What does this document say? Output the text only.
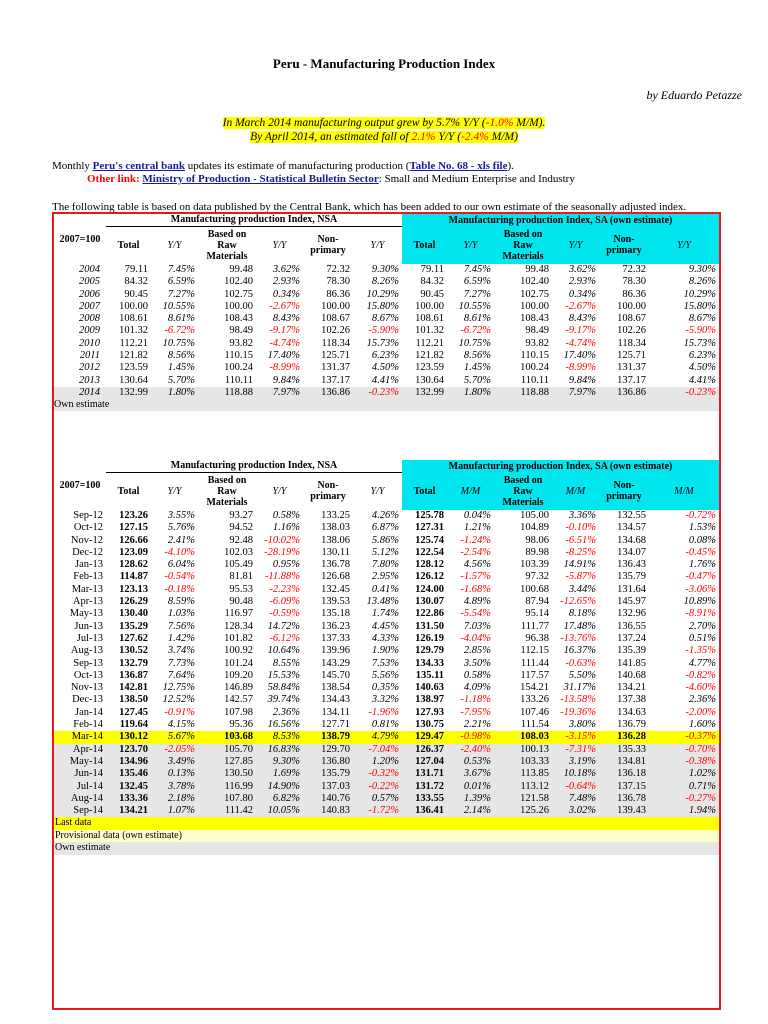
Peru - Manufacturing Production Index
by Eduardo Petazze
In March 2014 manufacturing output grew by 5.7% Y/Y (-1.0% M/M).
By April 2014, an estimated fall of 2.1% Y/Y (-2.4% M/M)
Monthly Peru's central bank updates its estimate of manufacturing production (Table No. 68 - xls file).
Other link: Ministry of Production - Statistical Bulletin Sector: Small and Medium Enterprise and Industry
The following table is based on data published by the Central Bank, which has been added to our own estimate of the seasonally adjusted index.
2007=100	Manufacturing production Index, NSA						Manufacturing production Index, SA (own estimate)					
	Total	Y/Y	Based on Raw Materials	Y/Y	Non-primary	Y/Y	Total	Y/Y	Based on Raw Materials	Y/Y	Non-primary	Y/Y

2004	79.11	7.45%	99.48	3.62%	72.32	9.30%	79.11	7.45%	99.48	3.62%	72.32	9.30%
2005	84.32	6.59%	102.40	2.93%	78.30	8.26%	84.32	6.59%	102.40	2.93%	78.30	8.26%
2006	90.45	7.27%	102.75	0.34%	86.36	10.29%	90.45	7.27%	102.75	0.34%	86.36	10.29%
2007	100.00	10.55%	100.00	-2.67%	100.00	15.80%	100.00	10.55%	100.00	-2.67%	100.00	15.80%
2008	108.61	8.61%	108.43	8.43%	108.67	8.67%	108.61	8.61%	108.43	8.43%	108.67	8.67%
2009	101.32	-6.72%	98.49	-9.17%	102.26	-5.90%	101.32	-6.72%	98.49	-9.17%	102.26	-5.90%
2010	112.21	10.75%	93.82	-4.74%	118.34	15.73%	112.21	10.75%	93.82	-4.74%	118.34	15.73%
2011	121.82	8.56%	110.15	17.40%	125.71	6.23%	121.82	8.56%	110.15	17.40%	125.71	6.23%
2012	123.59	1.45%	100.24	-8.99%	131.37	4.50%	123.59	1.45%	100.24	-8.99%	131.37	4.50%
2013	130.64	5.70%	110.11	9.84%	137.17	4.41%	130.64	5.70%	110.11	9.84%	137.17	4.41%
2014	132.99	1.80%	118.88	7.97%	136.86	-0.23%	132.99	1.80%	118.88	7.97%	136.86	-0.23%
Own estimate
2007=100	Manufacturing production Index, NSA						Manufacturing production Index, SA (own estimate)					
	Total	Y/Y	Based on Raw Materials	Y/Y	Non-primary	Y/Y	Total	M/M	Based on Raw Materials	M/M	Non-primary	M/M

Sep-12	123.26	3.55%	93.27	0.58%	133.25	4.26%	125.78	0.04%	105.00	3.36%	132.55	-0.72%
Oct-12	127.15	5.76%	94.52	1.16%	138.03	6.87%	127.31	1.21%	104.89	-0.10%	134.57	1.53%
Nov-12	126.66	2.41%	92.48	-10.02%	138.06	5.86%	125.74	-1.24%	98.06	-6.51%	134.68	0.08%
Dec-12	123.09	-4.10%	102.03	-28.19%	130.11	5.12%	122.54	-2.54%	89.98	-8.25%	134.07	-0.45%
Jan-13	128.62	6.04%	105.49	0.95%	136.78	7.80%	128.12	4.56%	103.39	14.91%	136.43	1.76%
Feb-13	114.87	-0.54%	81.81	-11.88%	126.68	2.95%	126.12	-1.57%	97.32	-5.87%	135.79	-0.47%
Mar-13	123.13	-0.18%	95.53	-2.23%	132.45	0.41%	124.00	-1.68%	100.68	3.44%	131.64	-3.06%
Apr-13	126.29	8.59%	90.48	-6.09%	139.53	13.48%	130.07	4.89%	87.94	-12.65%	145.97	10.89%
May-13	130.40	1.03%	116.97	-0.59%	135.18	1.74%	122.86	-5.54%	95.14	8.18%	132.96	-8.91%
Jun-13	135.29	7.56%	128.34	14.72%	136.23	4.45%	131.50	7.03%	111.77	17.48%	136.55	2.70%
Jul-13	127.62	1.42%	101.82	-6.12%	137.33	4.33%	126.19	-4.04%	96.38	-13.76%	137.24	0.51%
Aug-13	130.52	3.74%	100.92	10.64%	139.96	1.90%	129.79	2.85%	112.15	16.37%	135.39	-1.35%
Sep-13	132.79	7.73%	101.24	8.55%	143.29	7.53%	134.33	3.50%	111.44	-0.63%	141.85	4.77%
Oct-13	136.87	7.64%	109.20	15.53%	145.70	5.56%	135.11	0.58%	117.57	5.50%	140.68	-0.82%
Nov-13	142.81	12.75%	146.89	58.84%	138.54	0.35%	140.63	4.09%	154.21	31.17%	134.21	-4.60%
Dec-13	138.50	12.52%	142.57	39.74%	134.43	3.32%	138.97	-1.18%	133.26	-13.58%	137.38	2.36%
Jan-14	127.45	-0.91%	107.98	2.36%	134.11	-1.96%	127.93	-7.95%	107.46	-19.36%	134.63	-2.00%
Feb-14	119.64	4.15%	95.36	16.56%	127.71	0.81%	130.75	2.21%	111.54	3.80%	136.79	1.60%
Mar-14	130.12	5.67%	103.68	8.53%	138.79	4.79%	129.47	-0.98%	108.03	-3.15%	136.28	-0.37%
Apr-14	123.70	-2.05%	105.70	16.83%	129.70	-7.04%	126.37	-2.40%	100.13	-7.31%	135.33	-0.70%
May-14	134.96	3.49%	127.85	9.30%	136.80	1.20%	127.04	0.53%	103.33	3.19%	134.81	-0.38%
Jun-14	135.46	0.13%	130.50	1.69%	135.79	-0.32%	131.71	3.67%	113.85	10.18%	136.18	1.02%
Jul-14	132.45	3.78%	116.99	14.90%	137.03	-0.22%	131.72	0.01%	113.12	-0.64%	137.15	0.71%
Aug-14	133.36	2.18%	107.80	6.82%	140.76	0.57%	133.55	1.39%	121.58	7.48%	136.78	-0.27%
Sep-14	134.21	1.07%	111.42	10.05%	140.83	-1.72%	136.41	2.14%	125.26	3.02%	139.43	1.94%
Last data
Provisional data (own estimate)
Own estimate
